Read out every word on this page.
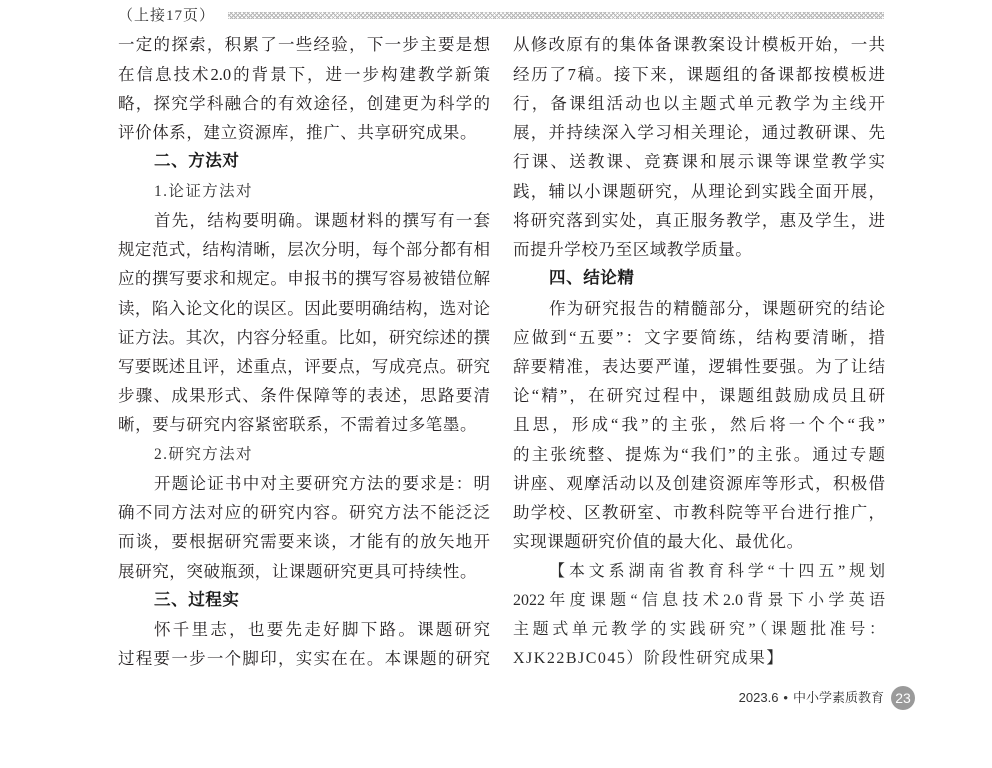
（上接17页）
一定的探索，积累了一些经验，下一步主要是想
在信息技术2.0的背景下，进一步构建教学新策
略，探究学科融合的有效途径，创建更为科学的
评价体系，建立资源库，推广、共享研究成果。
二、方法对
1.论证方法对
首先，结构要明确。课题材料的撰写有一套
规定范式，结构清晰，层次分明，每个部分都有相
应的撰写要求和规定。申报书的撰写容易被错位解
读，陷入论文化的误区。因此要明确结构，选对论
证方法。其次，内容分轻重。比如，研究综述的撰
写要既述且评，述重点，评要点，写成亮点。研究
步骤、成果形式、条件保障等的表述，思路要清
晰，要与研究内容紧密联系，不需着过多笔墨。
2.研究方法对
开题论证书中对主要研究方法的要求是：明
确不同方法对应的研究内容。研究方法不能泛泛
而谈，要根据研究需要来谈，才能有的放矢地开
展研究，突破瓶颈，让课题研究更具可持续性。
三、过程实
怀千里志，也要先走好脚下路。课题研究
过程要一步一个脚印，实实在在。本课题的研究
从修改原有的集体备课教案设计模板开始，一共
经历了7稿。接下来，课题组的备课都按模板进
行，备课组活动也以主题式单元教学为主线开
展，并持续深入学习相关理论，通过教研课、先
行课、送教课、竞赛课和展示课等课堂教学实
践，辅以小课题研究，从理论到实践全面开展，
将研究落到实处，真正服务教学，惠及学生，进
而提升学校乃至区域教学质量。
四、结论精
作为研究报告的精髓部分，课题研究的结论
应做到“五要”：文字要简练，结构要清晰，措
辞要精准，表达要严谨，逻辑性要强。为了让结
论“精”，在研究过程中，课题组鼓励成员且研
且思，形成“我”的主张，然后将一个个“我”
的主张统整、提炼为“我们”的主张。通过专题
讲座、观摩活动以及创建资源库等形式，积极借
助学校、区教研室、市教科院等平台进行推广，
实现课题研究价值的最大化、最优化。
【本文系湖南省教育科学“十四五”规划
2022年度课题“信息技术2.0背景下小学英语
主题式单元教学的实践研究”（课题批准号：
XJK22BJC045）阶段性研究成果】
2023.6 • 中小学素质教育 23
